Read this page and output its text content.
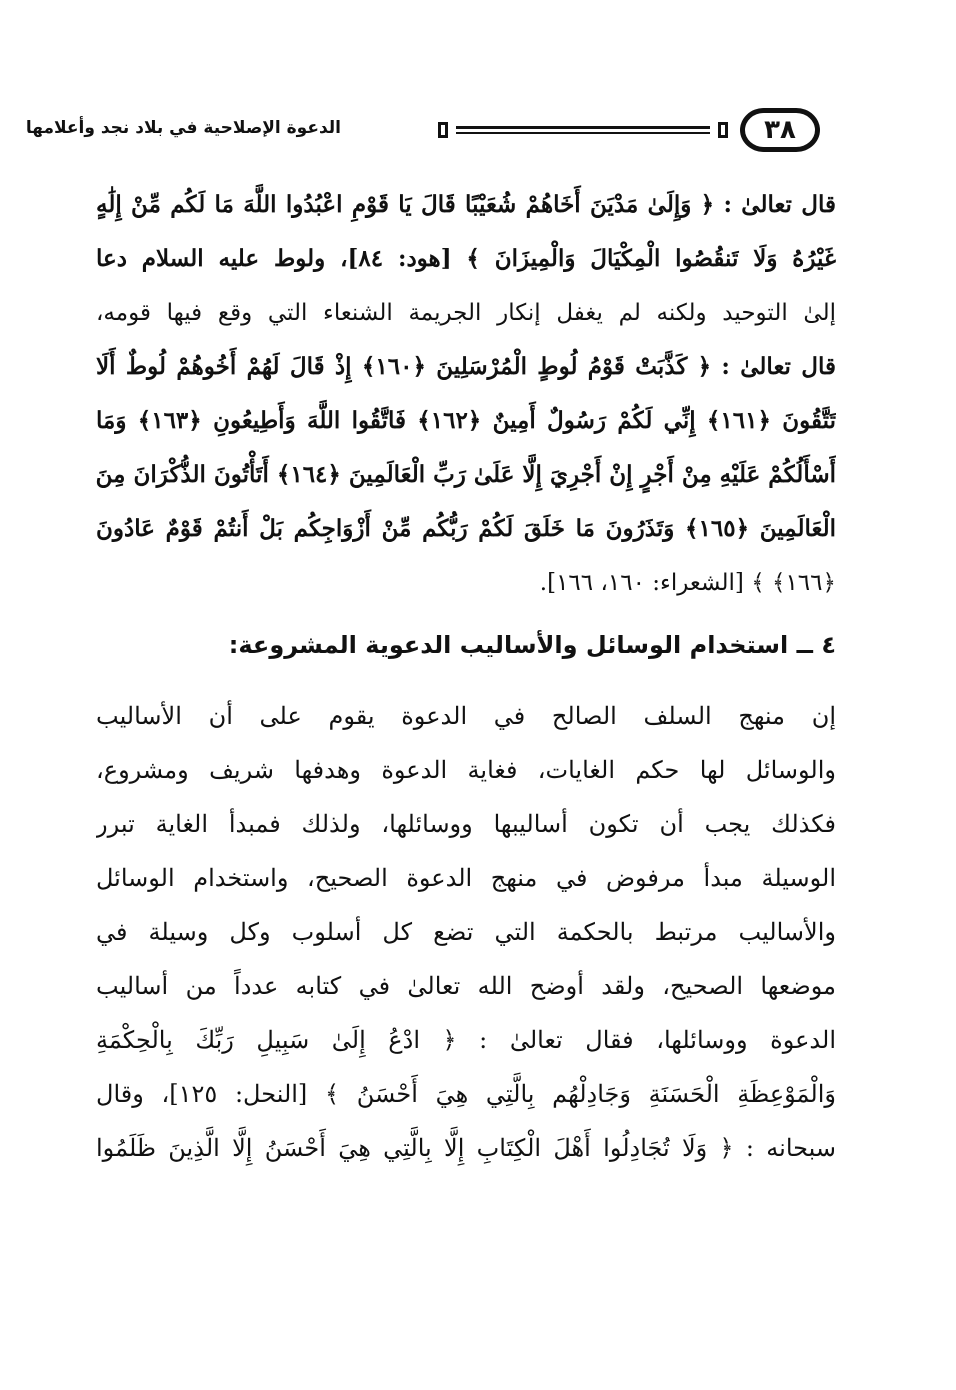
٣٨
الدعوة الإصلاحية في بلاد نجد وأعلامها
قال تعالىٰ : ﴿ وَإِلَىٰ مَدْيَنَ أَخَاهُمْ شُعَيْبًا قَالَ يَا قَوْمِ اعْبُدُوا اللَّهَ مَا لَكُم مِّنْ إِلَٰهٍ
غَيْرُهُ وَلَا تَنقُصُوا الْمِكْيَالَ وَالْمِيزَانَ ﴾ [هود: ٨٤]، ولوط عليه السلام دعا
إلىٰ التوحيد ولكنه لم يغفل إنكار الجريمة الشنعاء التي وقع فيها قومه،
قال تعالىٰ : ﴿ كَذَّبَتْ قَوْمُ لُوطٍ الْمُرْسَلِينَ ﴿١٦٠﴾ إِذْ قَالَ لَهُمْ أَخُوهُمْ لُوطٌ أَلَا
تَتَّقُونَ ﴿١٦١﴾ إِنِّي لَكُمْ رَسُولٌ أَمِينٌ ﴿١٦٢﴾ فَاتَّقُوا اللَّهَ وَأَطِيعُونِ ﴿١٦٣﴾ وَمَا
أَسْأَلُكُمْ عَلَيْهِ مِنْ أَجْرٍ إِنْ أَجْرِيَ إِلَّا عَلَىٰ رَبِّ الْعَالَمِينَ ﴿١٦٤﴾ أَتَأْتُونَ الذُّكْرَانَ مِنَ
الْعَالَمِينَ ﴿١٦٥﴾ وَتَذَرُونَ مَا خَلَقَ لَكُمْ رَبُّكُم مِّنْ أَزْوَاجِكُم بَلْ أَنتُمْ قَوْمٌ عَادُونَ
﴿١٦٦﴾ ﴾ [الشعراء: ١٦٠، ١٦٦].
٤ ــ استخدام الوسائل والأساليب الدعوية المشروعة:
إن منهج السلف الصالح في الدعوة يقوم على أن الأساليب
والوسائل لها حكم الغايات، فغاية الدعوة وهدفها شريف ومشروع،
فكذلك يجب أن تكون أساليبها ووسائلها، ولذلك فمبدأ الغاية تبرر
الوسيلة مبدأ مرفوض في منهج الدعوة الصحيح، واستخدام الوسائل
والأساليب مرتبط بالحكمة التي تضع كل أسلوب وكل وسيلة في
موضعها الصحيح، ولقد أوضح الله تعالىٰ في كتابه عدداً من أساليب
الدعوة ووسائلها، فقال تعالىٰ : ﴿ ادْعُ إِلَىٰ سَبِيلِ رَبِّكَ بِالْحِكْمَةِ
وَالْمَوْعِظَةِ الْحَسَنَةِ وَجَادِلْهُم بِالَّتِي هِيَ أَحْسَنُ ﴾ [النحل: ١٢٥]، وقال
سبحانه : ﴿ وَلَا تُجَادِلُوا أَهْلَ الْكِتَابِ إِلَّا بِالَّتِي هِيَ أَحْسَنُ إِلَّا الَّذِينَ ظَلَمُوا
